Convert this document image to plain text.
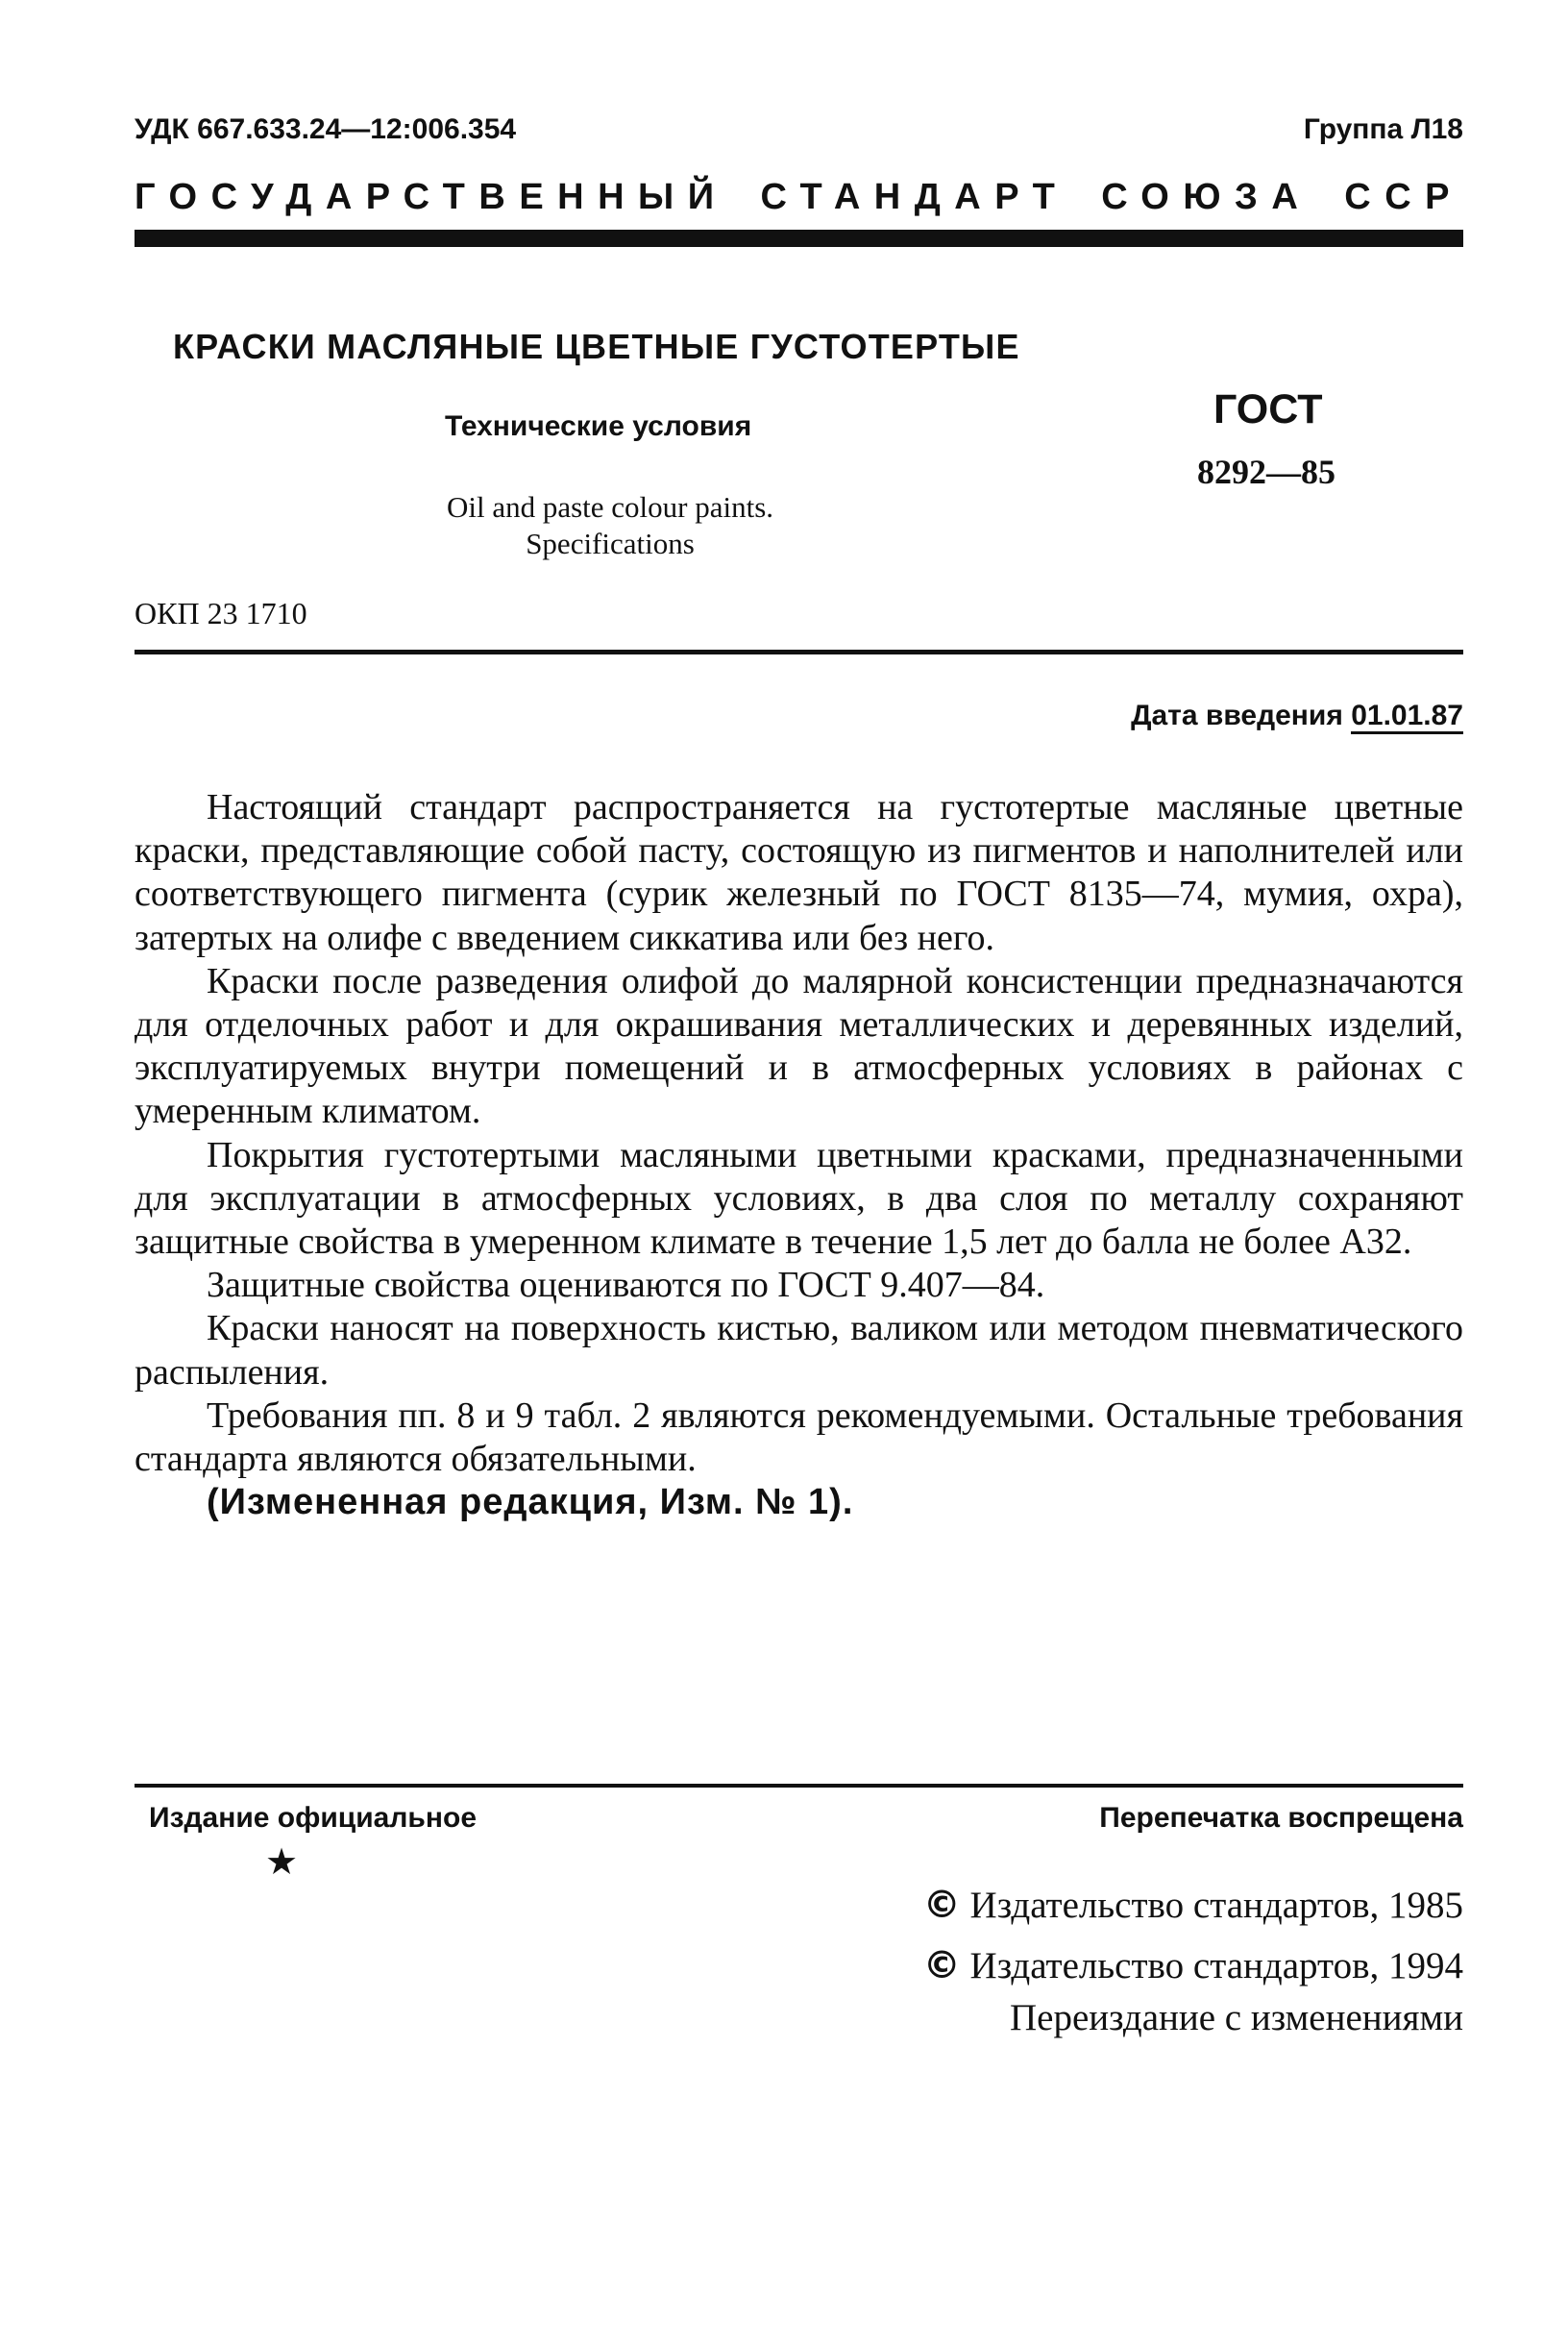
УДК 667.633.24—12:006.354	Группа Л18
ГОСУДАРСТВЕННЫЙ СТАНДАРТ СОЮЗА ССР
КРАСКИ МАСЛЯНЫЕ ЦВЕТНЫЕ ГУСТОТЕРТЫЕ
Технические условия
Oil and paste colour paints.
Specifications
ГОСТ
8292—85
ОКП 23 1710
Дата введения 01.01.87

Настоящий стандарт распространяется на густотертые масляные цветные краски, представляющие собой пасту, состоящую из пигментов и наполнителей или соответствующего пигмента (сурик железный по ГОСТ 8135—74, мумия, охра), затертых на олифе с введением сиккатива или без него.

Краски после разведения олифой до малярной консистенции предназначаются для отделочных работ и для окрашивания металлических и деревянных изделий, эксплуатируемых внутри помещений и в атмосферных условиях в районах с умеренным климатом.

Покрытия густотертыми масляными цветными красками, предназначенными для эксплуатации в атмосферных условиях, в два слоя по металлу сохраняют защитные свойства в умеренном климате в течение 1,5 лет до балла не более А32.

Защитные свойства оцениваются по ГОСТ 9.407—84.

Краски наносят на поверхность кистью, валиком или методом пневматического распыления.

Требования пп. 8 и 9 табл. 2 являются рекомендуемыми. Остальные требования стандарта являются обязательными.

(Измененная редакция, Изм. № 1).

Издание официальное	Перепечатка воспрещена
★
© Издательство стандартов, 1985
© Издательство стандартов, 1994
Переиздание с изменениями
